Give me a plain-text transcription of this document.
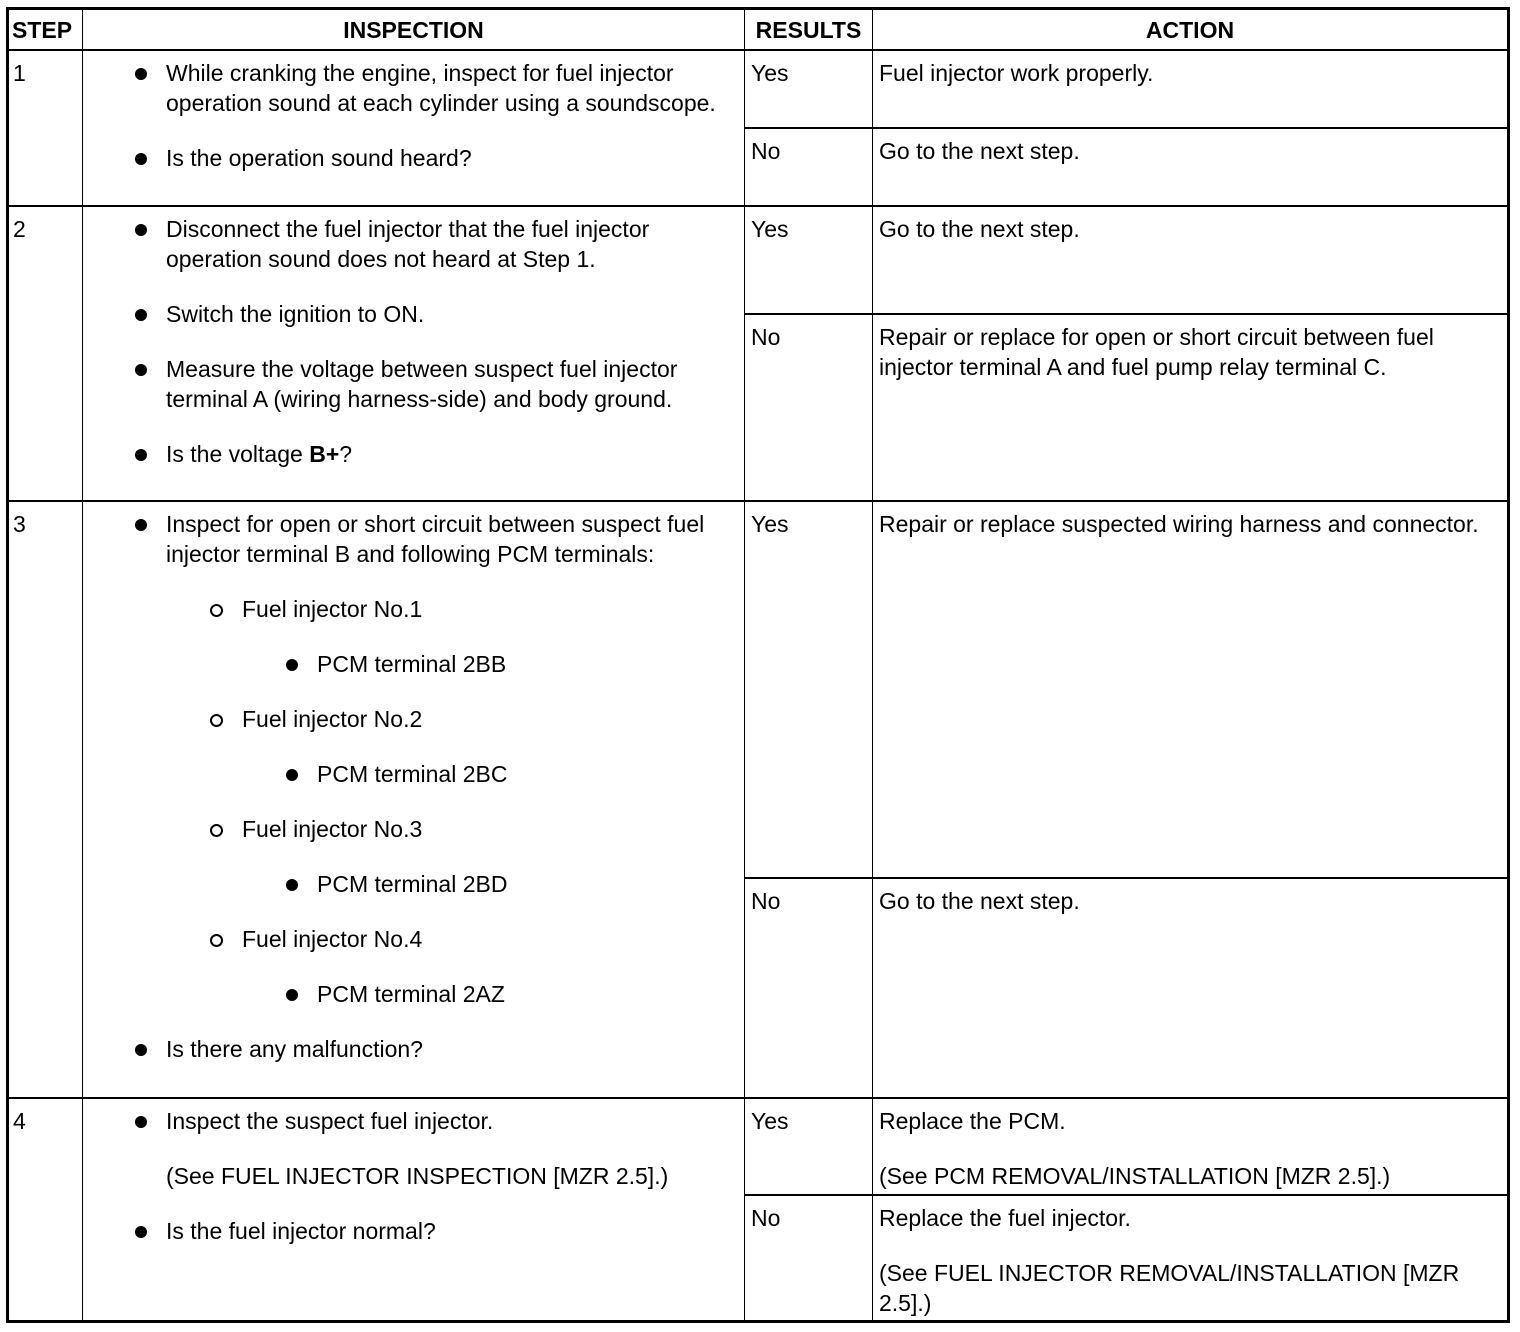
STEP	INSPECTION	RESULTS	ACTION
1	While cranking the engine, inspect for fuel injector operation sound at each cylinder using a soundscope.
Is the operation sound heard?	Yes	Fuel injector work properly.
		No	Go to the next step.
2	Disconnect the fuel injector that the fuel injector operation sound does not heard at Step 1.
Switch the ignition to ON.
Measure the voltage between suspect fuel injector terminal A (wiring harness-side) and body ground.
Is the voltage B+?	Yes	Go to the next step.
		No	Repair or replace for open or short circuit between fuel injector terminal A and fuel pump relay terminal C.
3	Inspect for open or short circuit between suspect fuel injector terminal B and following PCM terminals:
Fuel injector No.1
PCM terminal 2BB
Fuel injector No.2
PCM terminal 2BC
Fuel injector No.3
PCM terminal 2BD
Fuel injector No.4
PCM terminal 2AZ
Is there any malfunction?
	Yes	Repair or replace suspected wiring harness and connector.
		No	Go to the next step.
4	Inspect the suspect fuel injector.
(See FUEL INJECTOR INSPECTION [MZR 2.5].)
Is the fuel injector normal?
	Yes	Replace the PCM.
(See PCM REMOVAL/INSTALLATION [MZR 2.5].)

		No	Replace the fuel injector.
(See FUEL INJECTOR REMOVAL/INSTALLATION [MZR 2.5].)
